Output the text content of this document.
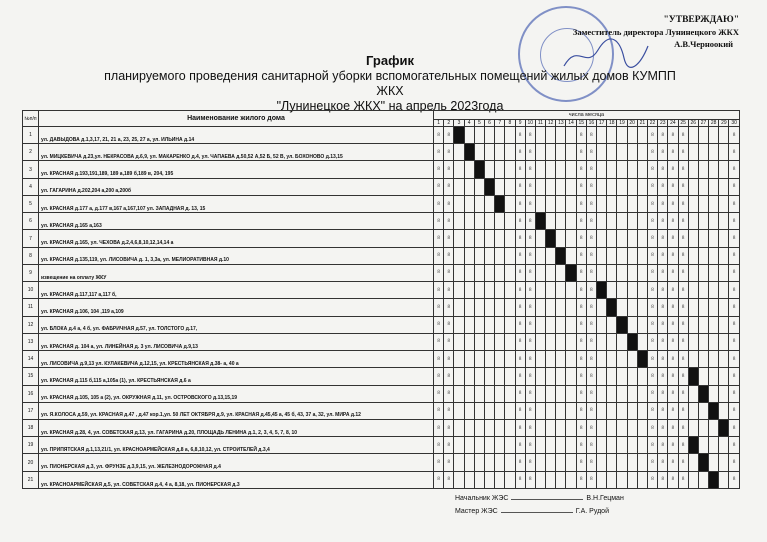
"УТВЕРЖДАЮ"
Заместитель директора Лунинецкого ЖКХ
А.В.Черноокий
График
планируемого проведения санитарной уборки вспомогательных помещений жилых домов КУМПП ЖКХ
"Лунинецкое ЖКХ" на апрель 2023года
№п/п	Наименование жилого дома	числа месяца																													
		1	2	3	4	5	6	7	8	9	10	11	12	13	14	15	16	17	18	19	20	21	22	23	24	25	26	27	28	29	30
1	ул. ДАВЫДОВА д.1,3,17, 21, 21 а, 23, 25, 27 а, ул. ИЛЬИНА д.14	8	8							8	8					8	8						8	8	8	8					8
2	ул. МИЦКЕВИЧА д.23,ул. НЕКРАСОВА д.6,9, ул. МАКАРЕНКО д.4, ул. ЧАПАЕВА д.50,52 А,52 Б, 52 В, ул. БОХОНОВО д.13,15	8	8							8	8					8	8						8	8	8	8					8
3	ул. КРАСНАЯ д.193,191,189, 189 а,189 б,189 в, 204, 195	8	8							8	8					8	8						8	8	8	8					8
4	ул. ГАГАРИНА д.202,204 а,200 а,200б	8	8							8	8					8	8						8	8	8	8					8
5	ул. КРАСНАЯ д.177 а, д.177 в,167 а,167,107 ул. ЗАПАДНАЯ д. 13, 15	8	8							8	8					8	8						8	8	8	8					8
6	ул. КРАСНАЯ д.165 а,163	8	8							8	8					8	8						8	8	8	8					8
7	ул. КРАСНАЯ д.165, ул. ЧЕХОВА д.2,4,6,8,10,12,14,14 а	8	8							8	8					8	8						8	8	8	8					8
8	ул. КРАСНАЯ д.135,119, ул. ЛИСОВИЧА д. 1, 3,3а, ул. МЕЛИОРАТИВНАЯ д.10	8	8							8	8					8	8						8	8	8	8					8
9	извещение на оплату ЖКУ	8	8							8	8					8	8						8	8	8	8					8
10	ул. КРАСНАЯ д.117,117 а,117 б,	8	8							8	8					8	8						8	8	8	8					8
11	ул. КРАСНАЯ д.106, 104 ,119 а,109	8	8							8	8					8	8						8	8	8	8					8
12	ул. БЛОКА д.4 а, 4 б, ул. ФАБРИЧНАЯ д.57, ул. ТОЛСТОГО д.17,	8	8							8	8					8	8						8	8	8	8					8
13	ул. КРАСНАЯ д. 104 а, ул. ЛИНЕЙНАЯ д. 3 ул. ЛИСОВИЧА д.9,13	8	8							8	8					8	8						8	8	8	8					8
14	ул. ЛИСОВИЧА д.9,13 ул. КУЛАКЕВИЧА д.12,15, ул. КРЕСТЬЯНСКАЯ д.38- а, 40 а	8	8							8	8					8	8						8	8	8	8					8
15	ул. КРАСНАЯ д.115 б,115 а,105а (1), ул. КРЕСТЬЯНСКАЯ д.6 а	8	8							8	8					8	8						8	8	8	8					8
16	ул. КРАСНАЯ д.105, 105 а (2), ул. ОКРУЖНАЯ д.11, ул. ОСТРОВСКОГО д.13,15,19	8	8							8	8					8	8						8	8	8	8					8
17	ул. Я.КОЛОСА д.59, ул. КРАСНАЯ д.47 , д.47 кор.1,ул. 50 ЛЕТ ОКТЯБРЯ д.9, ул. КРАСНАЯ д.45,45 а, 45 б, 43, 37 а, 32, ул. МИРА д.12	8	8							8	8					8	8						8	8	8	8					8
18	ул. КРАСНАЯ д.28, 4, ул. СОВЕТСКАЯ д.13, ул. ГАГАРИНА д.20, ПЛОЩАДЬ ЛЕНИНА д.1, 2, 3, 4, 5, 7, 8, 10	8	8							8	8					8	8						8	8	8	8					8
19	ул. ПРИПЯТСКАЯ д.1,13,21/1, ул. КРАСНОАРМЕЙСКАЯ д.8 а, 6,8,10,12, ул. СТРОИТЕЛЕЙ д.3,4	8	8							8	8					8	8						8	8	8	8					8
20	ул. ПИОНЕРСКАЯ д.3, ул. ФРУНЗЕ д.3,9,15, ул. ЖЕЛЕЗНОДОРОЖНАЯ д.4	8	8							8	8					8	8						8	8	8	8					8
21	ул. КРАСНОАРМЕЙСКАЯ д.5, ул. СОВЕТСКАЯ д.4, 4 а, 8,18, ул. ПИОНЕРСКАЯ д.3	8	8							8	8					8	8						8	8	8	8					8
Начальник ЖЭС	В.Н.Гецман
Мастер ЖЭС	Г.А. Рудой
